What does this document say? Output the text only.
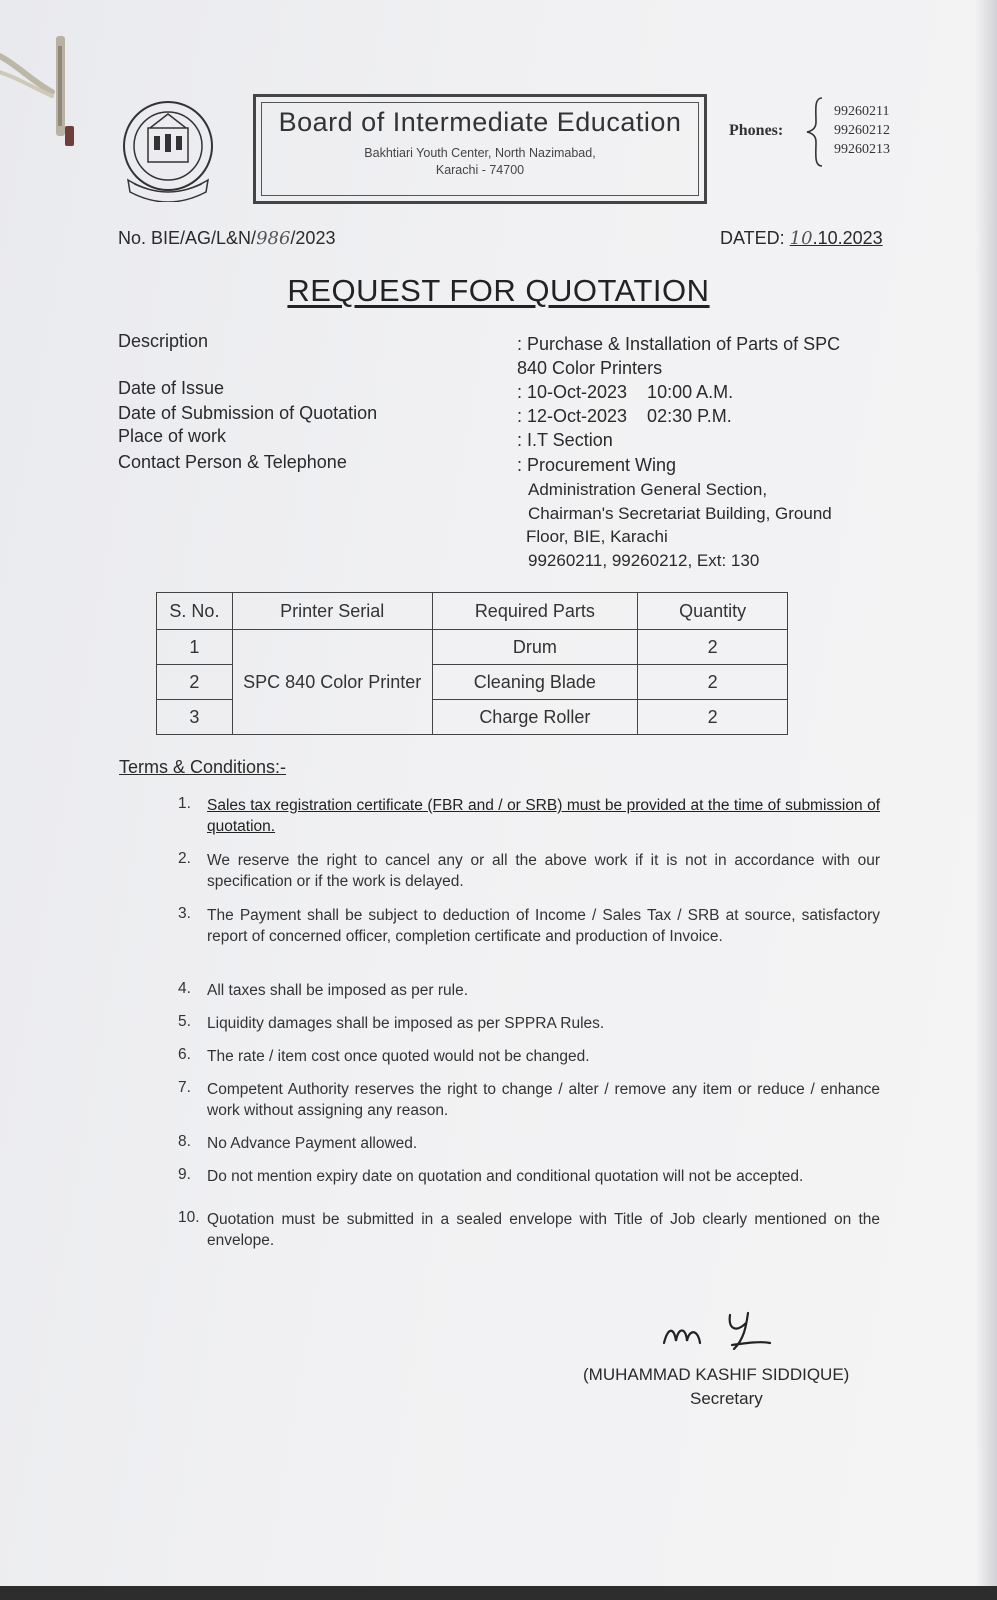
Board of Intermediate Education
Bakhtiari Youth Center, North Nazimabad,
Karachi - 74700
Phones:
99260211
99260212
99260213
No. BIE/AG/L&N/986/2023	DATED: 10.10.2023
REQUEST FOR QUOTATION
Description	: Purchase & Installation of Parts of SPC
840 Color Printers
Date of Issue	: 10-Oct-2023    10:00 A.M.
Date of Submission of Quotation	: 12-Oct-2023    02:30 P.M.
Place of work	: I.T Section
Contact Person & Telephone	: Procurement Wing
Administration General Section,
Chairman's Secretariat Building, Ground
Floor, BIE, Karachi
99260211, 99260212, Ext: 130
S. No.	Printer Serial	Required Parts	Quantity
1	SPC 840 Color Printer	Drum	2
2		Cleaning Blade	2
3		Charge Roller	2
Terms & Conditions:-
1. Sales tax registration certificate (FBR and / or SRB) must be provided at the time of submission of quotation.
2. We reserve the right to cancel any or all the above work if it is not in accordance with our specification or if the work is delayed.
3. The Payment shall be subject to deduction of Income / Sales Tax / SRB at source, satisfactory report of concerned officer, completion certificate and production of Invoice.
4. All taxes shall be imposed as per rule.
5. Liquidity damages shall be imposed as per SPPRA Rules.
6. The rate / item cost once quoted would not be changed.
7. Competent Authority reserves the right to change / alter / remove any item or reduce / enhance work without assigning any reason.
8. No Advance Payment allowed.
9. Do not mention expiry date on quotation and conditional quotation will not be accepted.
10. Quotation must be submitted in a sealed envelope with Title of Job clearly mentioned on the envelope.
(MUHAMMAD KASHIF SIDDIQUE)
Secretary
